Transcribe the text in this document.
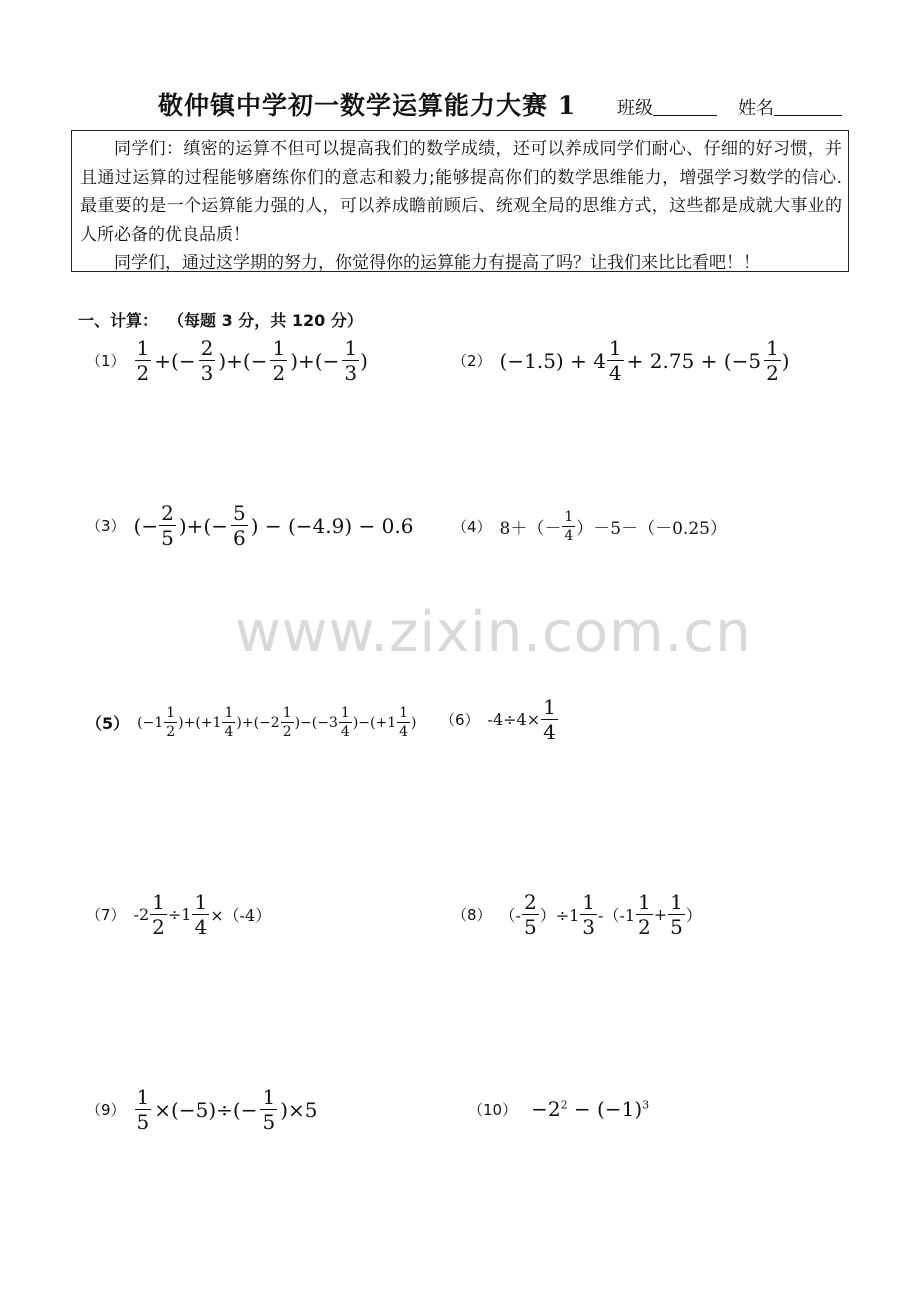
敬仲镇中学初一数学运算能力大赛 1 班级	姓名

同学们：缜密的运算不但可以提高我们的数学成绩，还可以养成同学们耐心、仔细的好习惯，并且通过运算的过程能够磨练你们的意志和毅力;能够提高你们的数学思维能力，增强学习数学的信心. 最重要的是一个运算能力强的人，可以养成瞻前顾后、统观全局的思维方式，这些都是成就大事业的人所必备的优良品质！

同学们，通过这学期的努力，你觉得你的运算能力有提高了吗？让我们来比比看吧！！

一、计算： （每题 3 分，共 120 分）
$(1) \frac{1}{2}$ +(− $\frac{2}{3}$ )+(− $\frac{1}{2}$ )+(− $\frac{1}{3}$ )	（2） $(-1.5) + 4 \frac{1}{4} + 2.75 + (-5 \frac{1}{2}$ )
（3） (− $\frac{2}{5}$ )+(− $\frac{5}{6}$ ) − (−4.9) − 0.6	（4） $8+(- \frac{1}{4} )-5-(-0.25)$
（5） $(-1 \frac{1}{2} )+(+1 \frac{1}{4} )+(-2 \frac{1}{2} )-(-3 \frac{1}{4} )-(+1 \frac{1}{4}$ ) （6） $-4\div 4\times \frac{1}{4}$
（7） $-2 \frac{1}{2} \div 1 \frac{1}{4} \times(-4)$	（8） （- $\frac{2}{5} )\div 1 \frac{1}{3} -(-1 \frac{1}{2} + \frac{1}{5}$ ）
$(9) \frac{1}{5} \times(-5)\div(- \frac{1}{5} )\times 5$	$(10) -2^2 - (-1)^3$
www.zixin.com.cn
